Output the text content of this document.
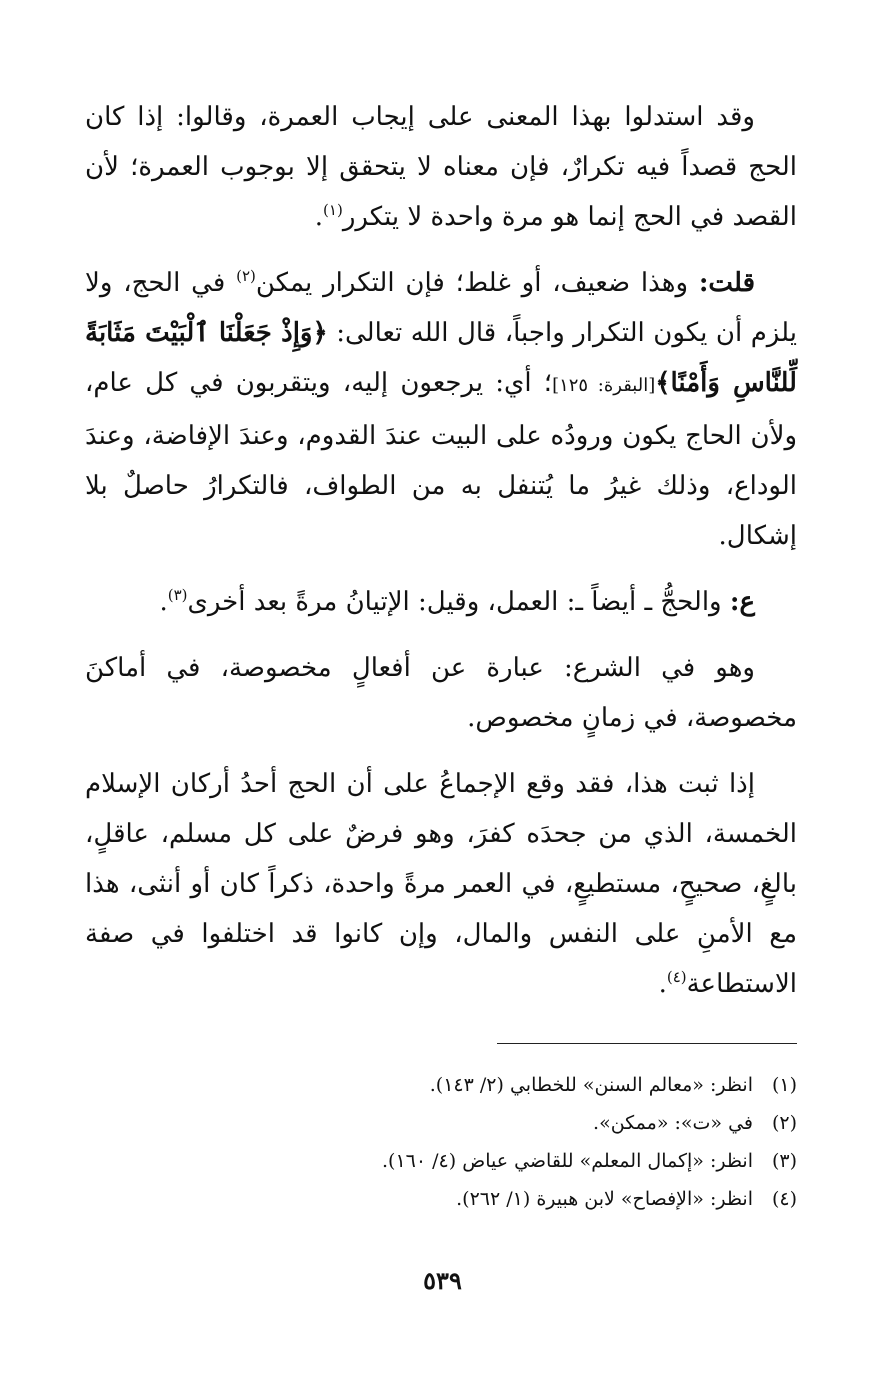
وقد استدلوا بهذا المعنى على إيجاب العمرة، وقالوا: إذا كان الحج قصداً فيه تكرارٌ، فإن معناه لا يتحقق إلا بوجوب العمرة؛ لأن القصد في الحج إنما هو مرة واحدة لا يتكرر$^{(١)}$.

قلت: وهذا ضعيف، أو غلط؛ فإن التكرار يمكن$^{(٢)}$ في الحج، ولا يلزم أن يكون التكرار واجباً، قال الله تعالى: ﴿وَإِذْ جَعَلْنَا ٱلْبَيْتَ مَثَابَةً لِّلنَّاسِ وَأَمْنًا﴾[البقرة: ١٢٥]؛ أي: يرجعون إليه، ويتقربون في كل عام، ولأن الحاج يكون ورودُه على البيت عندَ القدوم، وعندَ الإفاضة، وعندَ الوداع، وذلك غيرُ ما يُتنفل به من الطواف، فالتكرارُ حاصلٌ بلا إشكال.

ع: والحجُّ ـ أيضاً ـ: العمل، وقيل: الإتيانُ مرةً بعد أخرى$^{(٣)}$.

وهو في الشرع: عبارة عن أفعالٍ مخصوصة، في أماكنَ مخصوصة، في زمانٍ مخصوص.

إذا ثبت هذا، فقد وقع الإجماعُ على أن الحج أحدُ أركان الإسلام الخمسة، الذي من جحدَه كفرَ، وهو فرضٌ على كل مسلم، عاقلٍ، بالغٍ، صحيحٍ، مستطيعٍ، في العمر مرةً واحدة، ذكراً كان أو أنثى، هذا مع الأمنِ على النفس والمال، وإن كانوا قد اختلفوا في صفة الاستطاعة$^{(٤)}$.

(١)انظر: «معالم السنن» للخطابي (٢/ ١٤٣).
(٢)في «ت»: «ممكن».
(٣)انظر: «إكمال المعلم» للقاضي عياض (٤/ ١٦٠).
(٤)انظر: «الإفصاح» لابن هبيرة (١/ ٢٦٢).
٥٣٩
